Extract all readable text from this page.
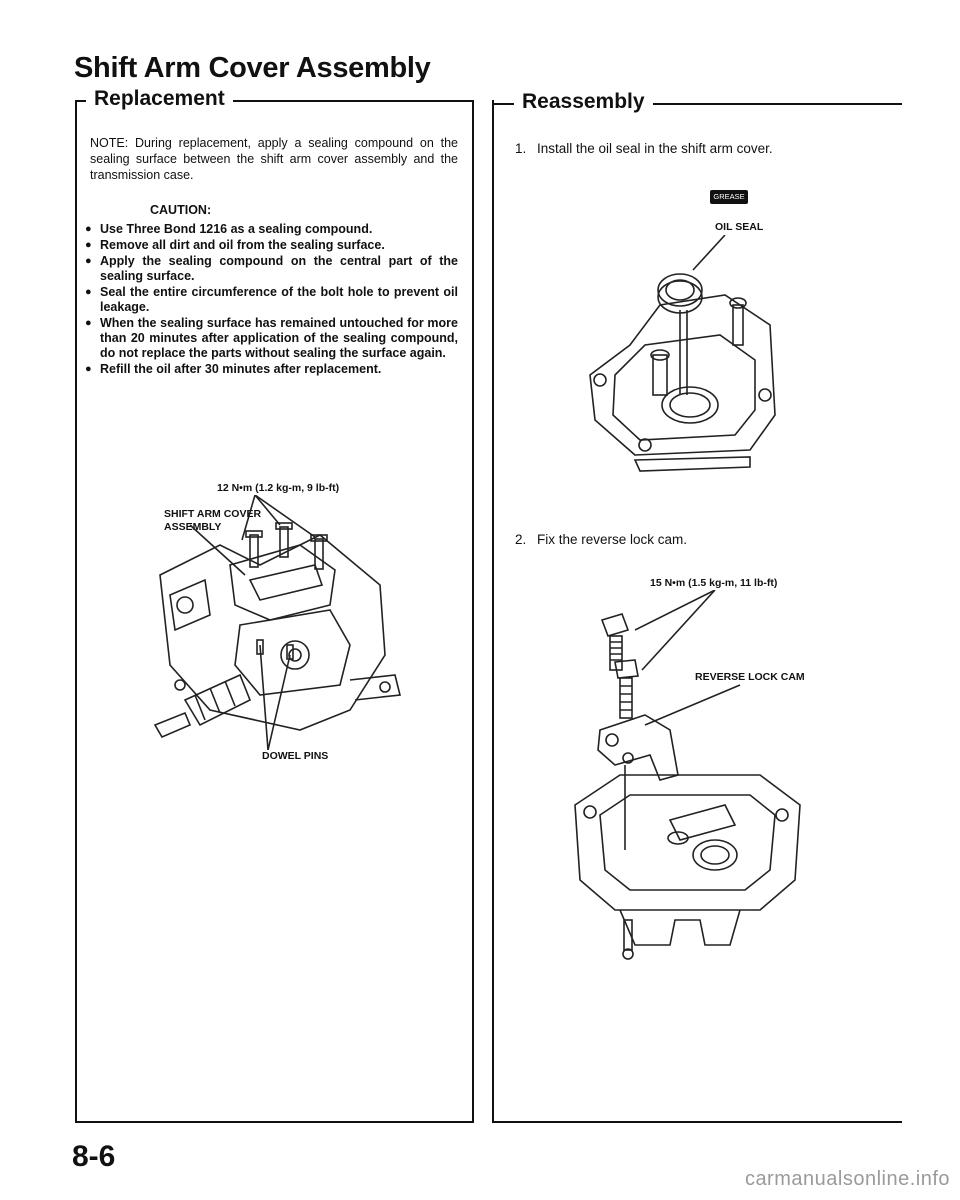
Shift Arm Cover Assembly
Replacement
NOTE: During replacement, apply a sealing compound on the sealing surface between the shift arm cover assembly and the transmission case.
CAUTION:
● Use Three Bond 1216 as a sealing compound.
● Remove all dirt and oil from the sealing surface.
● Apply the sealing compound on the central part of the sealing surface.
● Seal the entire circumference of the bolt hole to prevent oil leakage.
● When the sealing surface has remained untouched for more than 20 minutes after application of the sealing compound, do not replace the parts without sealing the surface again.
● Refill the oil after 30 minutes after replacement.
12 N•m (1.2 kg-m, 9 lb-ft)
SHIFT ARM COVER
ASSEMBLY
DOWEL PINS
Reassembly
1. Install the oil seal in the shift arm cover.
GREASE
OIL SEAL
2. Fix the reverse lock cam.
15 N•m (1.5 kg-m, 11 lb-ft)
REVERSE LOCK CAM
8-6
carmanualsonline.info
